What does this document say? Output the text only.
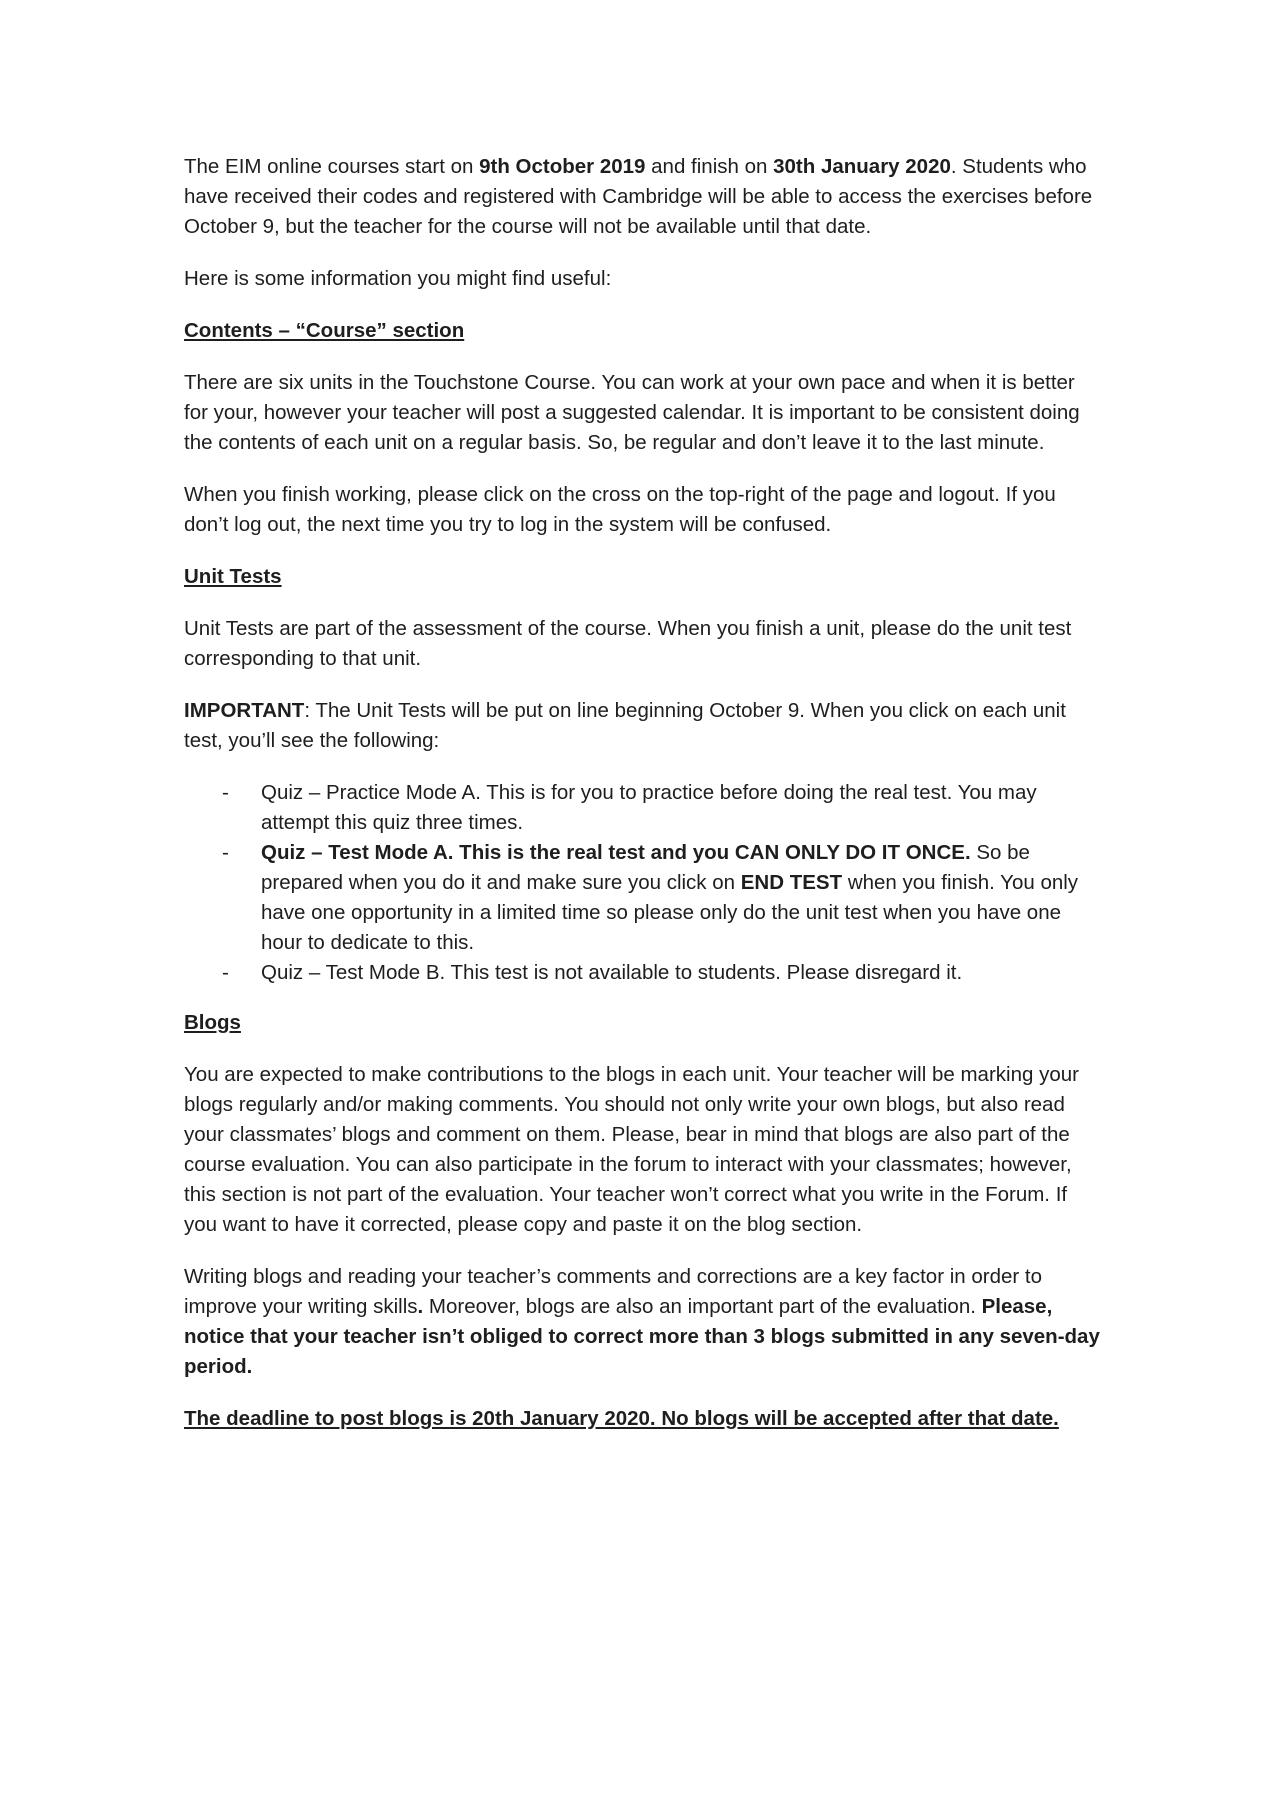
The EIM online courses start on 9th October 2019 and finish on 30th January 2020. Students who have received their codes and registered with Cambridge will be able to access the exercises before October 9, but the teacher for the course will not be available until that date.

Here is some information you might find useful:

Contents – “Course” section

There are six units in the Touchstone Course. You can work at your own pace and when it is better for your, however your teacher will post a suggested calendar. It is important to be consistent doing the contents of each unit on a regular basis. So, be regular and don’t leave it to the last minute.

When you finish working, please click on the cross on the top-right of the page and logout. If you don’t log out, the next time you try to log in the system will be confused.

Unit Tests

Unit Tests are part of the assessment of the course. When you finish a unit, please do the unit test corresponding to that unit.

IMPORTANT: The Unit Tests will be put on line beginning October 9. When you click on each unit test, you’ll see the following:

- Quiz – Practice Mode A. This is for you to practice before doing the real test. You may attempt this quiz three times.
- Quiz – Test Mode A. This is the real test and you CAN ONLY DO IT ONCE. So be prepared when you do it and make sure you click on END TEST when you finish. You only have one opportunity in a limited time so please only do the unit test when you have one hour to dedicate to this.
- Quiz – Test Mode B. This test is not available to students. Please disregard it.

Blogs

You are expected to make contributions to the blogs in each unit. Your teacher will be marking your blogs regularly and/or making comments. You should not only write your own blogs, but also read your classmates’ blogs and comment on them. Please, bear in mind that blogs are also part of the course evaluation. You can also participate in the forum to interact with your classmates; however, this section is not part of the evaluation. Your teacher won’t correct what you write in the Forum. If you want to have it corrected, please copy and paste it on the blog section.

Writing blogs and reading your teacher’s comments and corrections are a key factor in order to improve your writing skills. Moreover, blogs are also an important part of the evaluation. Please, notice that your teacher isn’t obliged to correct more than 3 blogs submitted in any seven-day period.

The deadline to post blogs is 20th January 2020. No blogs will be accepted after that date.
